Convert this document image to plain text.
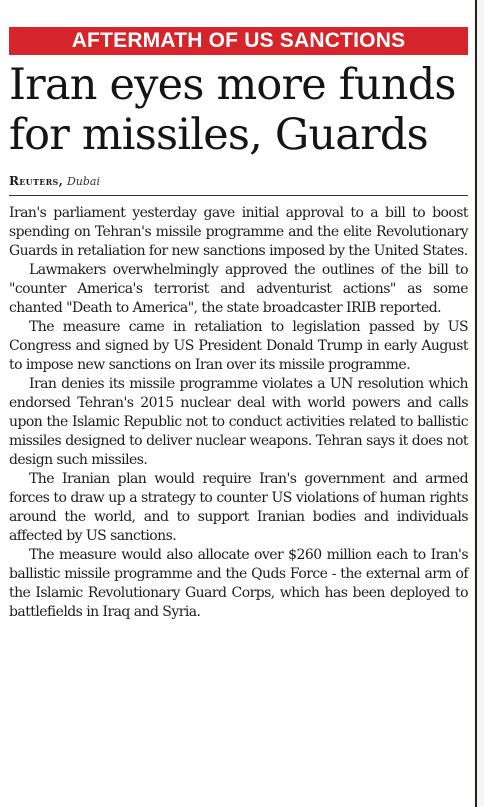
AFTERMATH OF US SANCTIONS
Iran eyes more funds
for missiles, Guards
Reuters, Dubai

Iran's parliament yesterday gave initial approval to a bill to boost spending on Tehran's missile programme and the elite Revolutionary Guards in retaliation for new sanctions imposed by the United States.

Lawmakers overwhelmingly approved the outlines of the bill to "counter America's terrorist and adventurist actions" as some chanted "Death to America", the state broadcaster IRIB reported.

The measure came in retaliation to legislation passed by US Congress and signed by US President Donald Trump in early August to impose new sanctions on Iran over its missile programme.

Iran denies its missile programme violates a UN resolution which endorsed Tehran's 2015 nuclear deal with world powers and calls upon the Islamic Republic not to conduct activities related to ballistic missiles designed to deliver nuclear weapons. Tehran says it does not design such missiles.

The Iranian plan would require Iran's government and armed forces to draw up a strategy to counter US violations of human rights around the world, and to support Iranian bodies and individuals affected by US sanctions.

The measure would also allocate over $260 million each to Iran's ballistic missile programme and the Quds Force - the external arm of the Islamic Revolutionary Guard Corps, which has been deployed to battlefields in Iraq and Syria.
